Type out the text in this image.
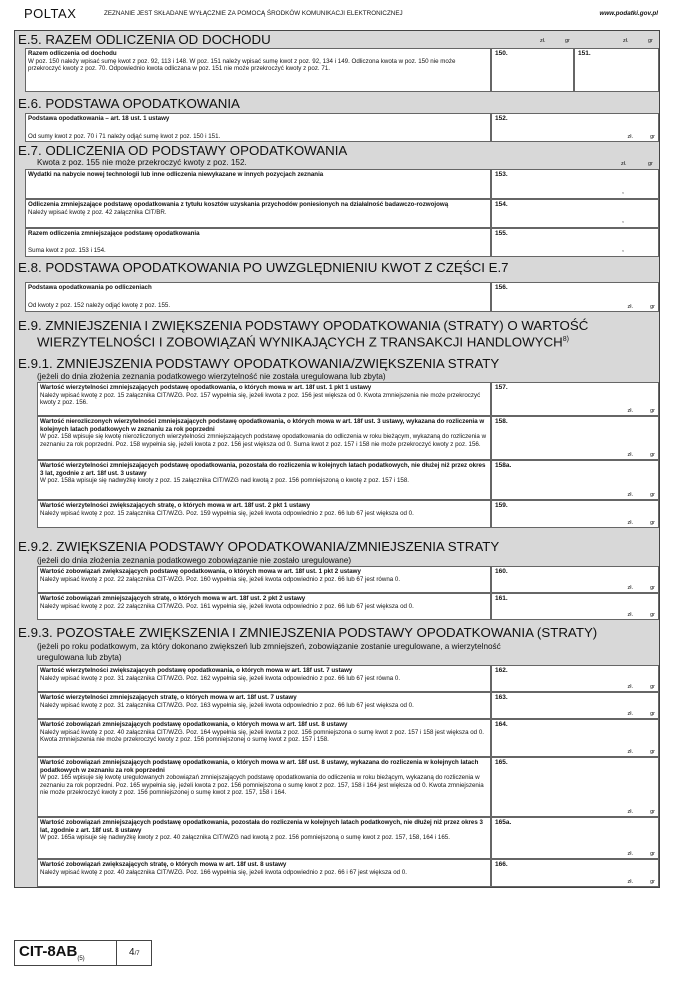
POLTAX	ZEZNANIE JEST SKŁADANE WYŁĄCZNIE ZA POMOCĄ ŚRODKÓW KOMUNIKACJI ELEKTRONICZNEJ	www.podatki.gov.pl
E.5. RAZEM ODLICZENIA OD DOCHODU	zł.	gr	zł.	gr
Razem odliczenia od dochodu
W poz. 150 należy wpisać sumę kwot z poz. 92, 113 i 148. W poz. 151 należy wpisać sumę kwot z poz. 92, 134 i 149. Odliczona kwota w poz. 150 nie może przekroczyć kwoty z poz. 70. Odpowiednio kwota odliczana w poz. 151 nie może przekroczyć kwoty z poz. 71.
150.	151.
E.6. PODSTAWA OPODATKOWANIA
Podstawa opodatkowania – art. 18 ust. 1 ustawy
Od sumy kwot z poz. 70 i 71 należy odjąć sumę kwot z poz. 150 i 151.
152.
zł.	gr
E.7. ODLICZENIA OD PODSTAWY OPODATKOWANIA
Kwota z poz. 155 nie może przekroczyć kwoty z poz. 152.	zł.	gr
Wydatki na nabycie nowej technologii lub inne odliczenia niewykazane w innych pozycjach zeznania	153.
,
Odliczenia zmniejszające podstawę opodatkowania z tytułu kosztów uzyskania przychodów poniesionych na działalność badawczo-rozwojową
Należy wpisać kwotę z poz. 42 załącznika CIT/BR.
154.
,
Razem odliczenia zmniejszające podstawę opodatkowania
Suma kwot z poz. 153 i 154.
155.
,
E.8. PODSTAWA OPODATKOWANIA PO UWZGLĘDNIENIU KWOT Z CZĘŚCI E.7
Podstawa opodatkowania po odliczeniach
Od kwoty z poz. 152 należy odjąć kwotę z poz. 155.
156.
zł.	gr
E.9. ZMNIEJSZENIA I ZWIĘKSZENIA PODSTAWY OPODATKOWANIA (STRATY) O WARTOŚĆ
WIERZYTELNOŚCI I ZOBOWIĄZAŃ WYNIKAJĄCYCH Z TRANSAKCJI HANDLOWYCH$^{8)}$
E.9.1. ZMNIEJSZENIA PODSTAWY OPODATKOWANIA/ZWIĘKSZENIA STRATY
(jeżeli do dnia złożenia zeznania podatkowego wierzytelność nie została uregulowana lub zbyta)
Wartość wierzytelności zmniejszających podstawę opodatkowania, o których mowa w art. 18f ust. 1 pkt 1 ustawy
Należy wpisać kwotę z poz. 15 załącznika CIT/WZG. Poz. 157 wypełnia się, jeżeli kwota z poz. 156 jest większa od 0. Kwota zmniejszenia nie może przekroczyć kwoty z poz. 156.
157.
zł.	gr
Wartość nierozliczonych wierzytelności zmniejszających podstawę opodatkowania, o których mowa w art. 18f ust. 3 ustawy, wykazana do rozliczenia w kolejnych latach podatkowych w zeznaniu za rok poprzedni
W poz. 158 wpisuje się kwotę nierozliczonych wierzytelności zmniejszających podstawę opodatkowania do odliczenia w roku bieżącym, wykazaną do rozliczenia w zeznaniu za rok poprzedni. Poz. 158 wypełnia się, jeżeli kwota z poz. 156 jest większa od 0. Suma kwot z poz. 157 i 158 nie może przekroczyć kwoty z poz. 156.
158.
zł.	gr
Wartość wierzytelności zmniejszających podstawę opodatkowania, pozostała do rozliczenia w kolejnych latach podatkowych, nie dłużej niż przez okres 3 lat, zgodnie z art. 18f ust. 3 ustawy
W poz. 158a wpisuje się nadwyżkę kwoty z poz. 15 załącznika CIT/WZG nad kwotą z poz. 156 pomniejszoną o kwotę z poz. 157 i 158.
158a.
zł.	gr
Wartość wierzytelności zwiększających stratę, o których mowa w art. 18f ust. 2 pkt 1 ustawy
Należy wpisać kwotę z poz. 15 załącznika CIT/WZG. Poz. 159 wypełnia się, jeżeli kwota odpowiednio z poz. 66 lub 67 jest większa od 0.
159.
zł.	gr
E.9.2. ZWIĘKSZENIA PODSTAWY OPODATKOWANIA/ZMNIEJSZENIA STRATY
(jeżeli do dnia złożenia zeznania podatkowego zobowiązanie nie zostało uregulowane)
Wartość zobowiązań zwiększających podstawę opodatkowania, o których mowa w art. 18f ust. 1 pkt 2 ustawy
Należy wpisać kwotę z poz. 22 załącznika CIT-WZG. Poz. 160 wypełnia się, jeżeli kwota odpowiednio z poz. 66 lub 67 jest równa 0.
160.
zł.	gr
Wartość zobowiązań zmniejszających stratę, o których mowa w art. 18f ust. 2 pkt 2 ustawy
Należy wpisać kwotę z poz. 22 załącznika CIT/WZG. Poz. 161 wypełnia się, jeżeli kwota odpowiednio z poz. 66 lub 67 jest większa od 0.
161.
zł.	gr
E.9.3. POZOSTAŁE ZWIĘKSZENIA I ZMNIEJSZENIA PODSTAWY OPODATKOWANIA (STRATY)
(jeżeli po roku podatkowym, za który dokonano zwiększeń lub zmniejszeń, zobowiązanie zostanie uregulowane, a wierzytelność
uregulowana lub zbyta)
Wartość wierzytelności zwiększających podstawę opodatkowania, o których mowa w art. 18f ust. 7 ustawy
Należy wpisać kwotę z poz. 31 załącznika CIT/WZG. Poz. 162 wypełnia się, jeżeli kwota odpowiednio z poz. 66 lub 67 jest równa 0.
162.
zł.	gr
Wartość wierzytelności zmniejszających stratę, o których mowa w art. 18f ust. 7 ustawy
Należy wpisać kwotę z poz. 31 załącznika CIT/WZG. Poz. 163 wypełnia się, jeżeli kwota odpowiednio z poz. 66 lub 67 jest większa od 0.
163.
zł.	gr
Wartość zobowiązań zmniejszających podstawę opodatkowania, o których mowa w art. 18f ust. 8 ustawy
Należy wpisać kwotę z poz. 40 załącznika CIT/WZG. Poz. 164 wypełnia się, jeżeli kwota z poz. 156 pomniejszona o sumę kwot z poz. 157 i 158 jest większa od 0. Kwota zmniejszenia nie może przekroczyć kwoty z poz. 156 pomniejszonej o sumę kwot z poz. 157 i 158.
164.
zł.	gr
Wartość zobowiązań zmniejszających podstawę opodatkowania, o których mowa w art. 18f ust. 8 ustawy, wykazana do rozliczenia w kolejnych latach podatkowych w zeznaniu za rok poprzedni
W poz. 165 wpisuje się kwotę uregulowanych zobowiązań zmniejszających podstawę opodatkowania do odliczenia w roku bieżącym, wykazaną do rozliczenia w zeznaniu za rok poprzedni. Poz. 165 wypełnia się, jeżeli kwota z poz. 156 pomniejszona o sumę kwot z poz. 157, 158 i 164 jest większa od 0. Kwota zmniejszenia nie może przekroczyć kwoty z poz. 156 pomniejszonej o sumę kwot z poz. 157, 158 i 164.
165.
zł.	gr
Wartość zobowiązań zmniejszających podstawę opodatkowania, pozostała do rozliczenia w kolejnych latach podatkowych, nie dłużej niż przez okres 3 lat, zgodnie z art. 18f ust. 8 ustawy
W poz. 165a wpisuje się nadwyżkę kwoty z poz. 40 załącznika CIT/WZG nad kwotą z poz. 156 pomniejszoną o sumę kwot z poz. 157, 158, 164 i 165.
165a.
zł.	gr
Wartość zobowiązań zwiększających stratę, o których mowa w art. 18f ust. 8 ustawy
Należy wpisać kwotę z poz. 40 załącznika CIT/WZG. Poz. 166 wypełnia się, jeżeli kwota odpowiednio z poz. 66 i 67 jest większa od 0.
166.
zł.	gr
CIT-$8AB_{(5)}$
4/7
